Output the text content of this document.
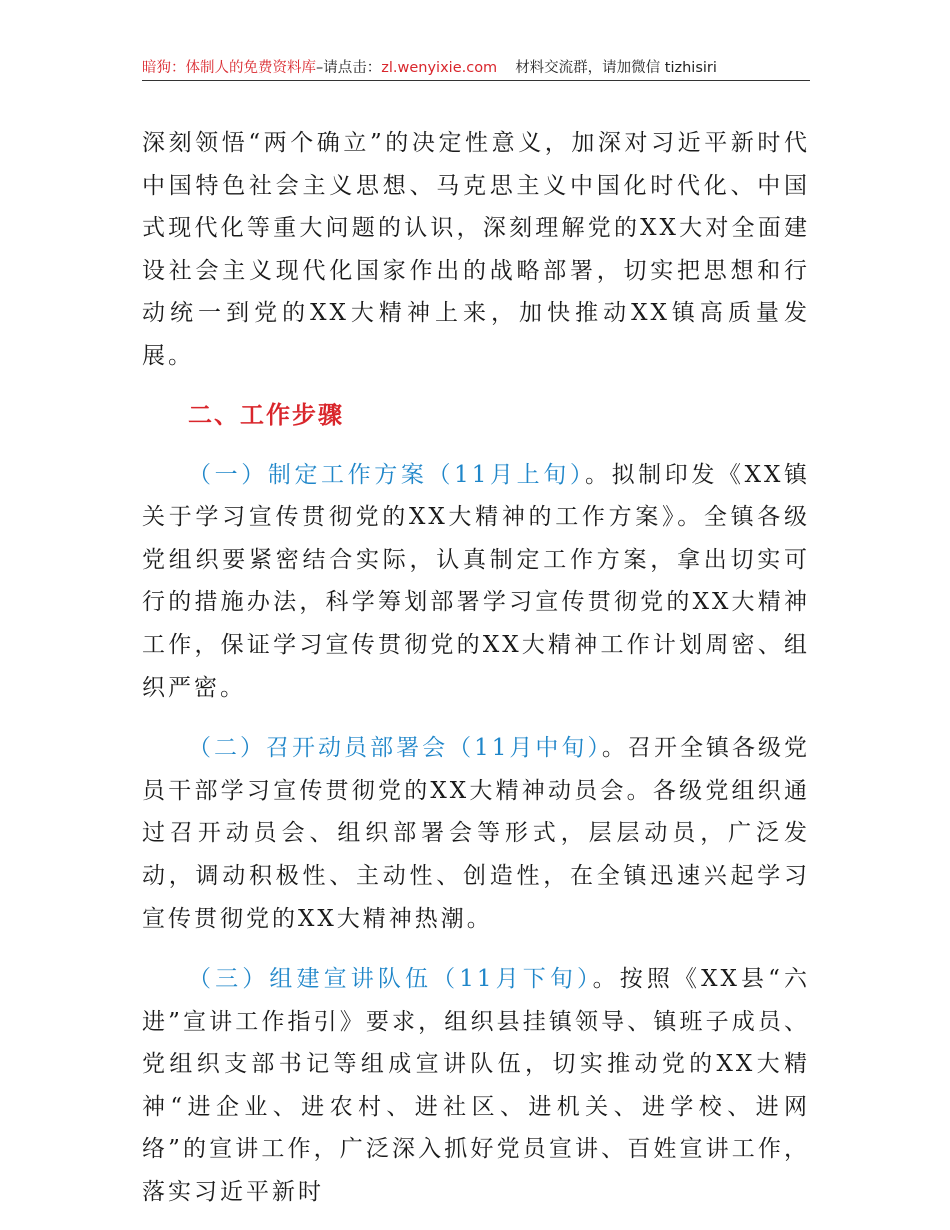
暗狗：体制人的免费资料库–请点击：zl.wenyixie.com 材料交流群，请加微信 tizhisiri

深刻领悟“两个确立”的决定性意义，加深对习近平新时代中国特色社会主义思想、马克思主义中国化时代化、中国式现代化等重大问题的认识，深刻理解党的XX大对全面建设社会主义现代化国家作出的战略部署，切实把思想和行动统一到党的XX大精神上来，加快推动XX镇高质量发展。

二、工作步骤

（一）制定工作方案（11月上旬）。拟制印发《XX镇关于学习宣传贯彻党的XX大精神的工作方案》。全镇各级党组织要紧密结合实际，认真制定工作方案，拿出切实可行的措施办法，科学筹划部署学习宣传贯彻党的XX大精神工作，保证学习宣传贯彻党的XX大精神工作计划周密、组织严密。

（二）召开动员部署会（11月中旬）。召开全镇各级党员干部学习宣传贯彻党的XX大精神动员会。各级党组织通过召开动员会、组织部署会等形式，层层动员，广泛发动，调动积极性、主动性、创造性，在全镇迅速兴起学习宣传贯彻党的XX大精神热潮。

（三）组建宣讲队伍（11月下旬）。按照《XX县“六进”宣讲工作指引》要求，组织县挂镇领导、镇班子成员、党组织支部书记等组成宣讲队伍，切实推动党的XX大精神“进企业、进农村、进社区、进机关、进学校、进网络”的宣讲工作，广泛深入抓好党员宣讲、百姓宣讲工作，落实习近平新时
